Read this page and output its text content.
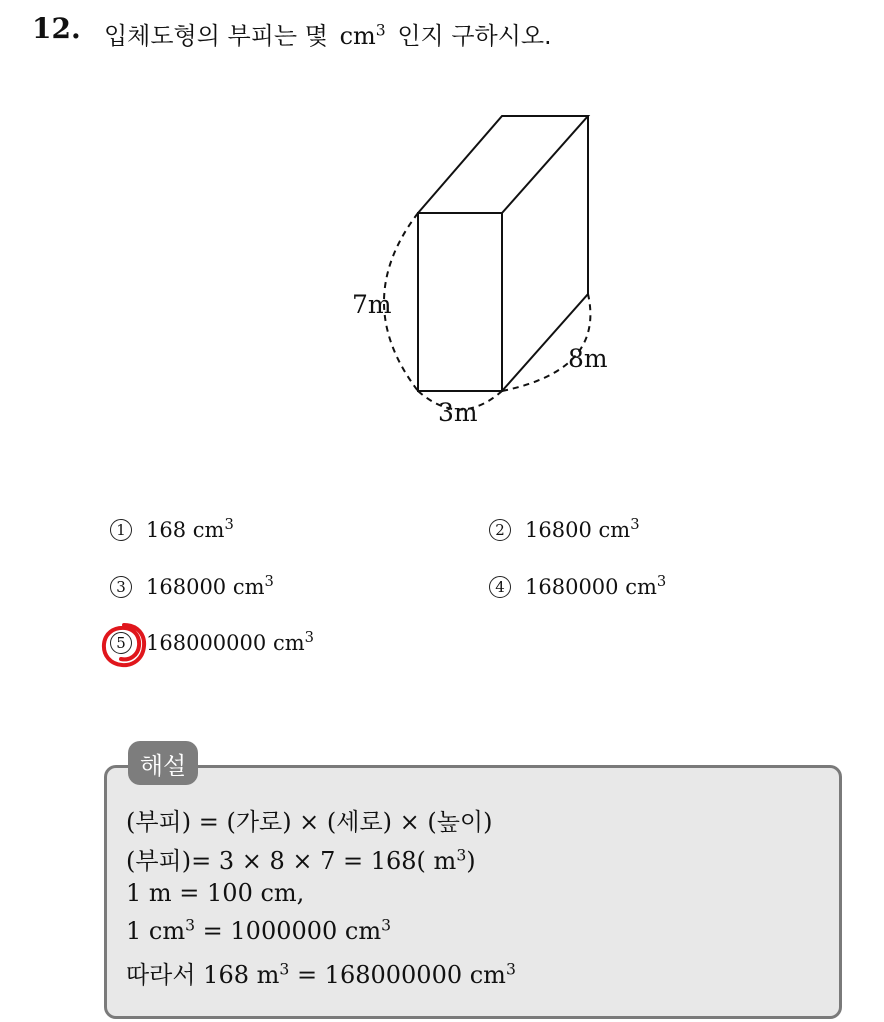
12. 입체도형의 부피는 몇 $cm^3$ 인지 구하시오.
7m
3m
8m
1 168 $cm^3$	2 16800 $cm^3$
3 168000 $cm^3$	4 1680000 $cm^3$
5 168000000 $cm^3$
해설
(부피) = (가로) × (세로) × (높이)
(부피)= 3 × 8 × 7 = 168( $m^3$)
1 m = 100 cm,
1 $cm^3 = 1000000$ $cm^3$
따라서 168 $m^3 = 168000000$ $cm^3$
